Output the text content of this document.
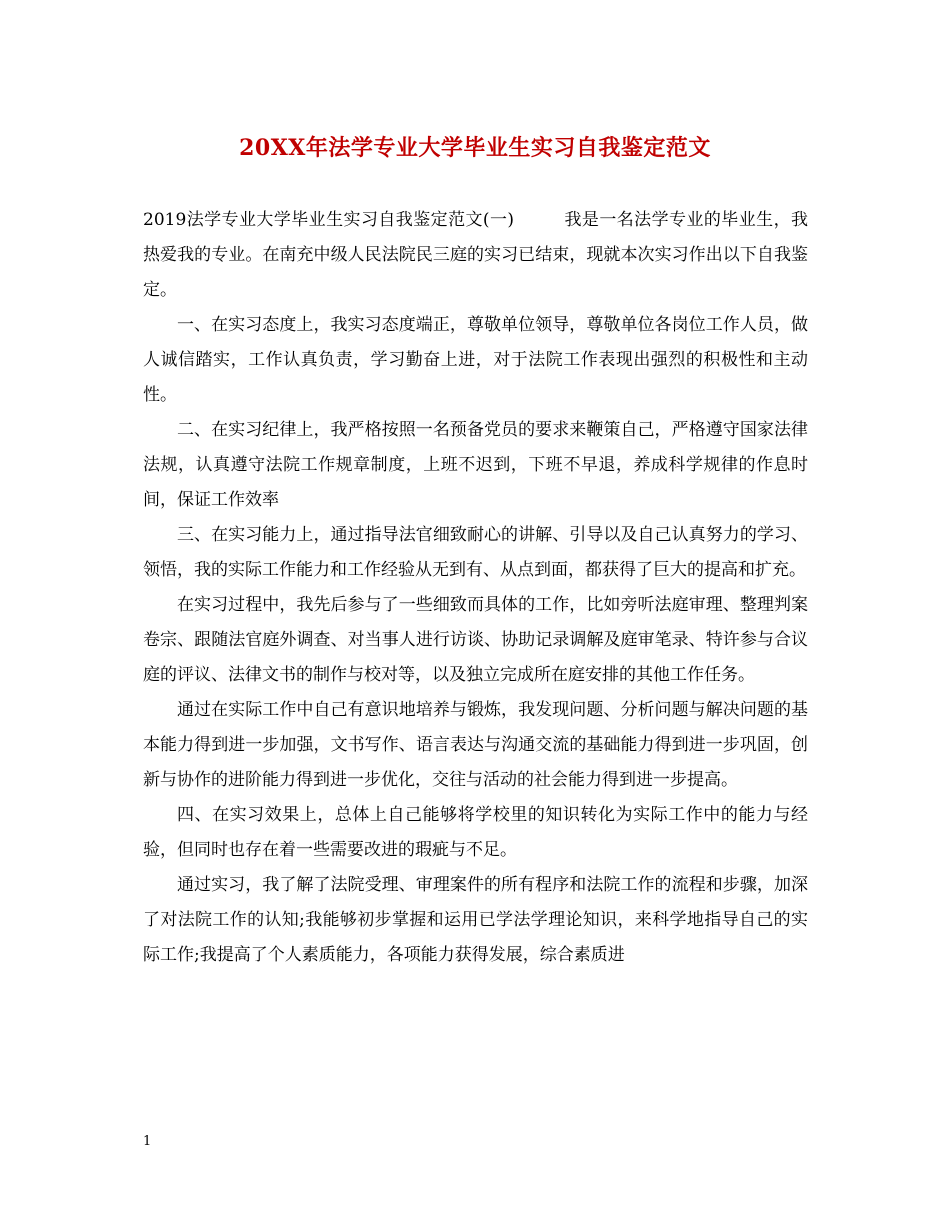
20XX年法学专业大学毕业生实习自我鉴定范文

2019法学专业大学毕业生实习自我鉴定范文(一)	我是一名法学专业的毕业生，我热爱我的专业。在南充中级人民法院民三庭的实习已结束，现就本次实习作出以下自我鉴定。

一、在实习态度上，我实习态度端正，尊敬单位领导，尊敬单位各岗位工作人员，做人诚信踏实，工作认真负责，学习勤奋上进，对于法院工作表现出强烈的积极性和主动性。

二、在实习纪律上，我严格按照一名预备党员的要求来鞭策自己，严格遵守国家法律法规，认真遵守法院工作规章制度，上班不迟到，下班不早退，养成科学规律的作息时间，保证工作效率

三、在实习能力上，通过指导法官细致耐心的讲解、引导以及自己认真努力的学习、领悟，我的实际工作能力和工作经验从无到有、从点到面，都获得了巨大的提高和扩充。

在实习过程中，我先后参与了一些细致而具体的工作，比如旁听法庭审理、整理判案卷宗、跟随法官庭外调查、对当事人进行访谈、协助记录调解及庭审笔录、特许参与合议庭的评议、法律文书的制作与校对等，以及独立完成所在庭安排的其他工作任务。

通过在实际工作中自己有意识地培养与锻炼，我发现问题、分析问题与解决问题的基本能力得到进一步加强，文书写作、语言表达与沟通交流的基础能力得到进一步巩固，创新与协作的进阶能力得到进一步优化，交往与活动的社会能力得到进一步提高。

四、在实习效果上，总体上自己能够将学校里的知识转化为实际工作中的能力与经验，但同时也存在着一些需要改进的瑕疵与不足。

通过实习，我了解了法院受理、审理案件的所有程序和法院工作的流程和步骤，加深了对法院工作的认知;我能够初步掌握和运用已学法学理论知识，来科学地指导自己的实际工作;我提高了个人素质能力，各项能力获得发展，综合素质进

1
